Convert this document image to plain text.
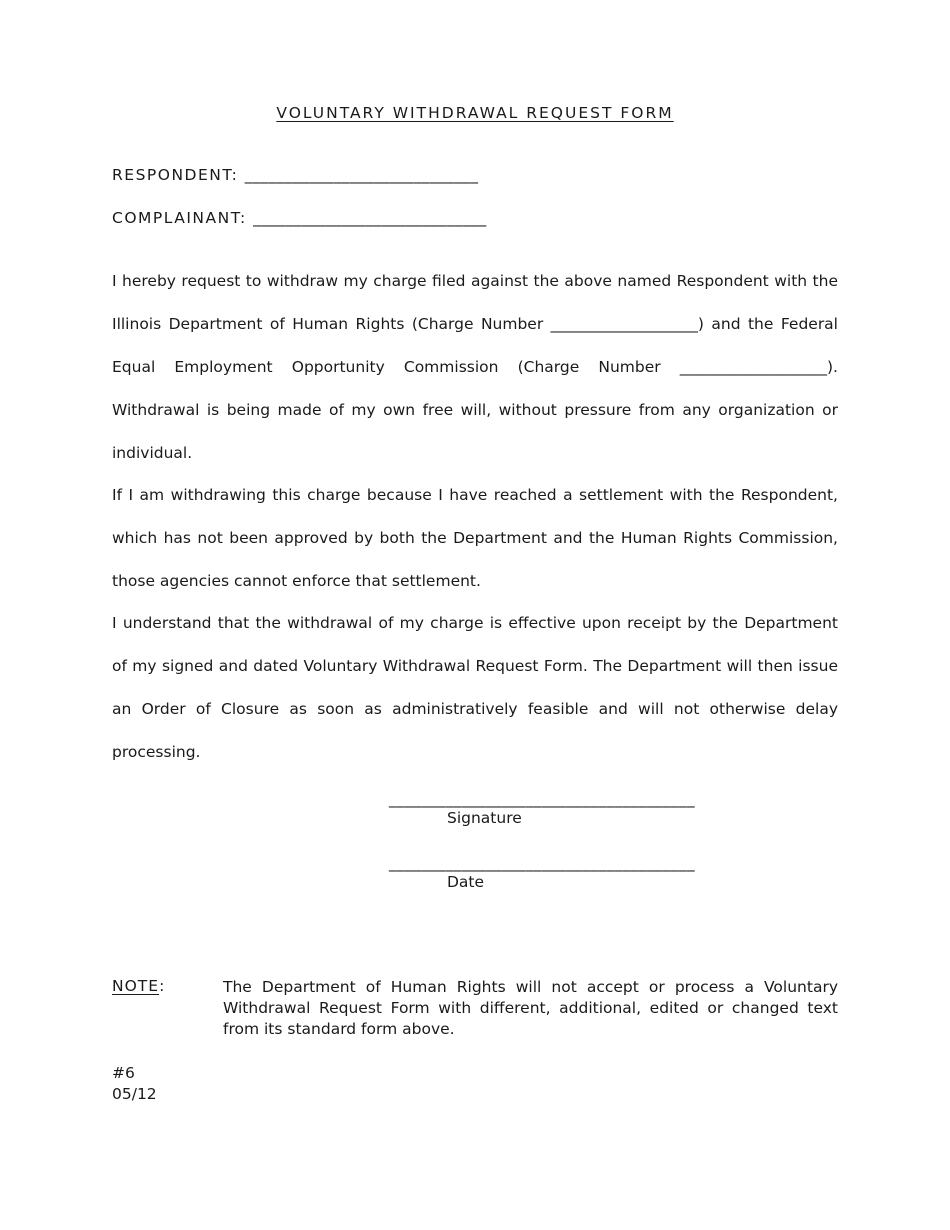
VOLUNTARY WITHDRAWAL REQUEST FORM
RESPONDENT: _____________________________
COMPLAINANT: _____________________________

I hereby request to withdraw my charge filed against the above named Respondent with the Illinois Department of Human Rights (Charge Number ___________________) and the Federal Equal Employment Opportunity Commission (Charge Number ___________________). Withdrawal is being made of my own free will, without pressure from any organization or individual.

If I am withdrawing this charge because I have reached a settlement with the Respondent, which has not been approved by both the Department and the Human Rights Commission, those agencies cannot enforce that settlement.

I understand that the withdrawal of my charge is effective upon receipt by the Department of my signed and dated Voluntary Withdrawal Request Form. The Department will then issue an Order of Closure as soon as administratively feasible and will not otherwise delay processing.

______________________________________
Signature
______________________________________
Date
NOTE:	The Department of Human Rights will not accept or process a Voluntary Withdrawal Request Form with different, additional, edited or changed text from its standard form above.
#6
05/12
